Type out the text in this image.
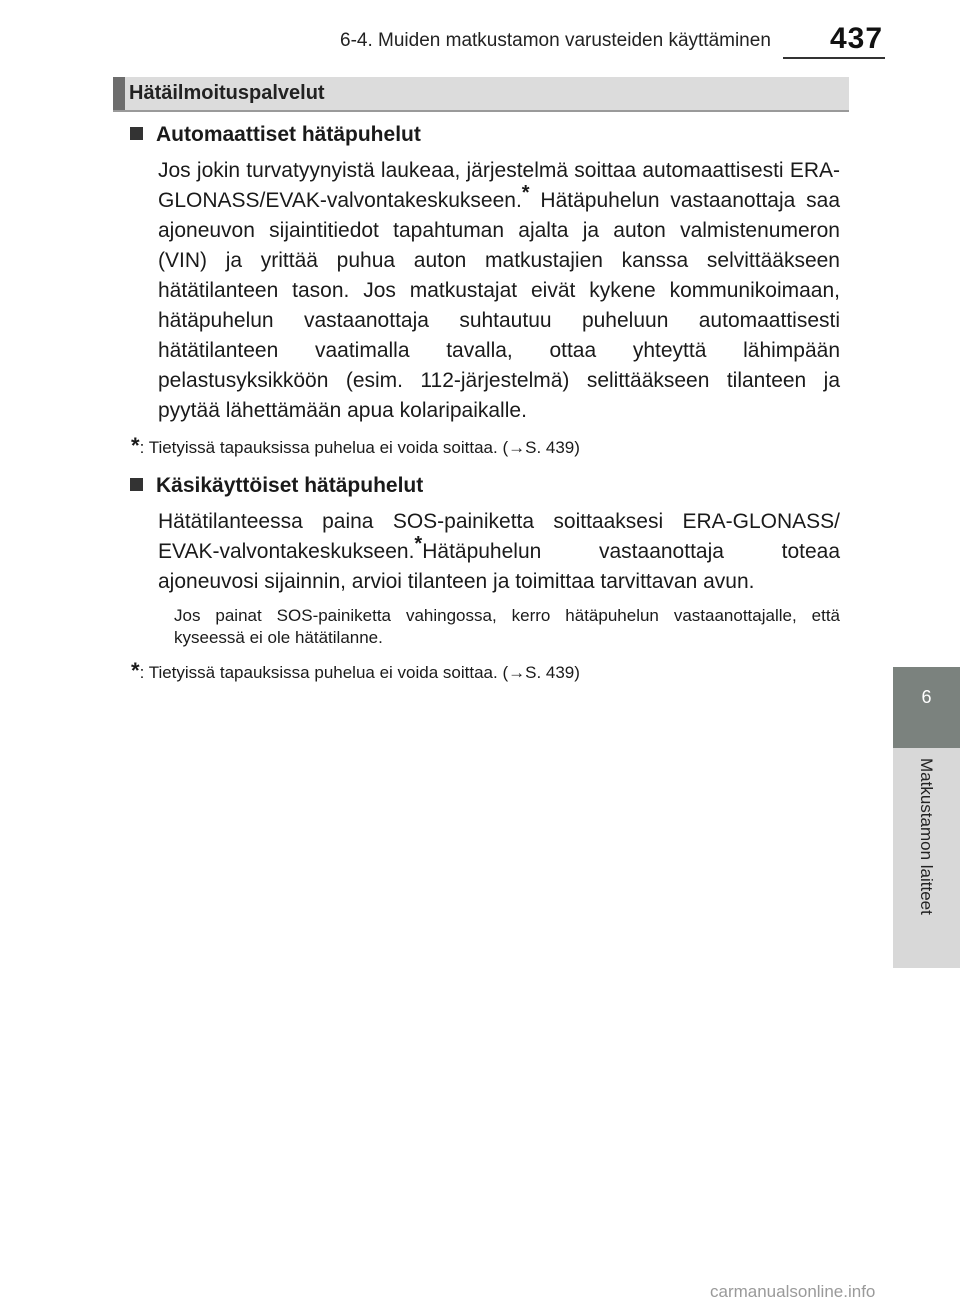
6-4. Muiden matkustamon varusteiden käyttäminen 437
Hätäilmoituspalvelut
Automaattiset hätäpuhelut
Jos jokin turvatyynyistä laukeaa, järjestelmä soittaa automaattisesti ERA-GLONASS/EVAK-valvontakeskukseen.* Hätäpuhelun vastaanottaja saa ajoneuvon sijaintitiedot tapahtuman ajalta ja auton valmistenumeron (VIN) ja yrittää puhua auton matkustajien kanssa selvittääkseen hätätilanteen tason. Jos matkustajat eivät kykene kommunikoimaan, hätäpuhelun vastaanottaja suhtautuu puheluun automaattisesti hätätilanteen vaatimalla tavalla, ottaa yhteyttä lähimpään pelastusyksikköön (esim. 112-järjestelmä) selittääkseen tilanteen ja pyytää lähettämään apua kolaripaikalle.
*: Tietyissä tapauksissa puhelua ei voida soittaa. (→S. 439)
Käsikäyttöiset hätäpuhelut
Hätätilanteessa paina SOS-painiketta soittaaksesi ERA-GLONASS/ EVAK-valvontakeskukseen.*Hätäpuhelun vastaanottaja toteaa ajoneuvosi sijainnin, arvioi tilanteen ja toimittaa tarvittavan avun.
Jos painat SOS-painiketta vahingossa, kerro hätäpuhelun vastaanottajalle, että kyseessä ei ole hätätilanne.
*: Tietyissä tapauksissa puhelua ei voida soittaa. (→S. 439)
6
Matkustamon laitteet
carmanualsonline.info
